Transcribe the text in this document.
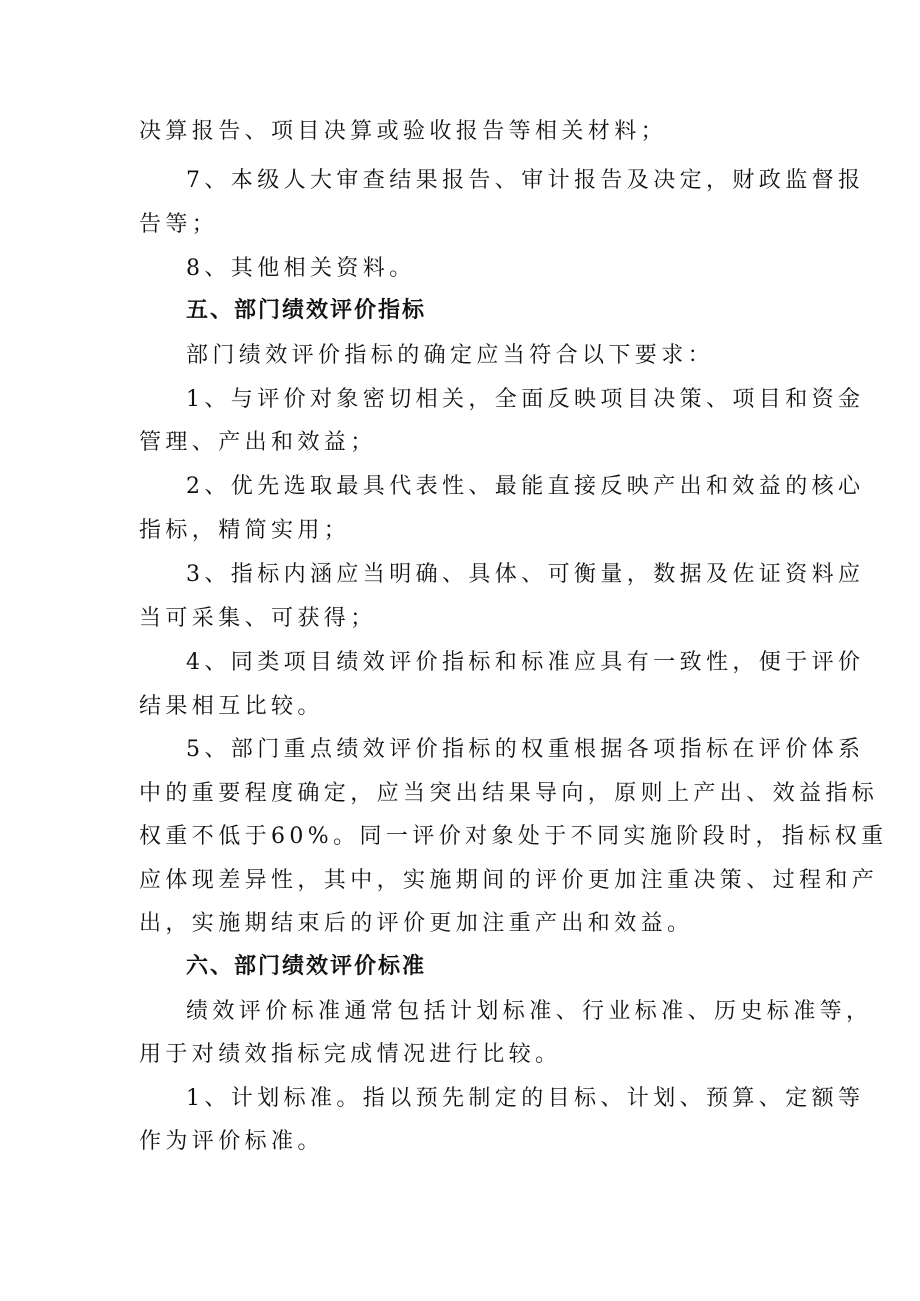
决算报告、项目决算或验收报告等相关材料；
7、本级人大审查结果报告、审计报告及决定，财政监督报
告等；
8、其他相关资料。
五、部门绩效评价指标
部门绩效评价指标的确定应当符合以下要求：
1、与评价对象密切相关，全面反映项目决策、项目和资金
管理、产出和效益；
2、优先选取最具代表性、最能直接反映产出和效益的核心
指标，精简实用；
3、指标内涵应当明确、具体、可衡量，数据及佐证资料应
当可采集、可获得；
4、同类项目绩效评价指标和标准应具有一致性，便于评价
结果相互比较。
5、部门重点绩效评价指标的权重根据各项指标在评价体系
中的重要程度确定，应当突出结果导向，原则上产出、效益指标
权重不低于60%。同一评价对象处于不同实施阶段时，指标权重
应体现差异性，其中，实施期间的评价更加注重决策、过程和产
出，实施期结束后的评价更加注重产出和效益。
六、部门绩效评价标准
绩效评价标准通常包括计划标准、行业标准、历史标准等，
用于对绩效指标完成情况进行比较。
1、计划标准。指以预先制定的目标、计划、预算、定额等
作为评价标准。
